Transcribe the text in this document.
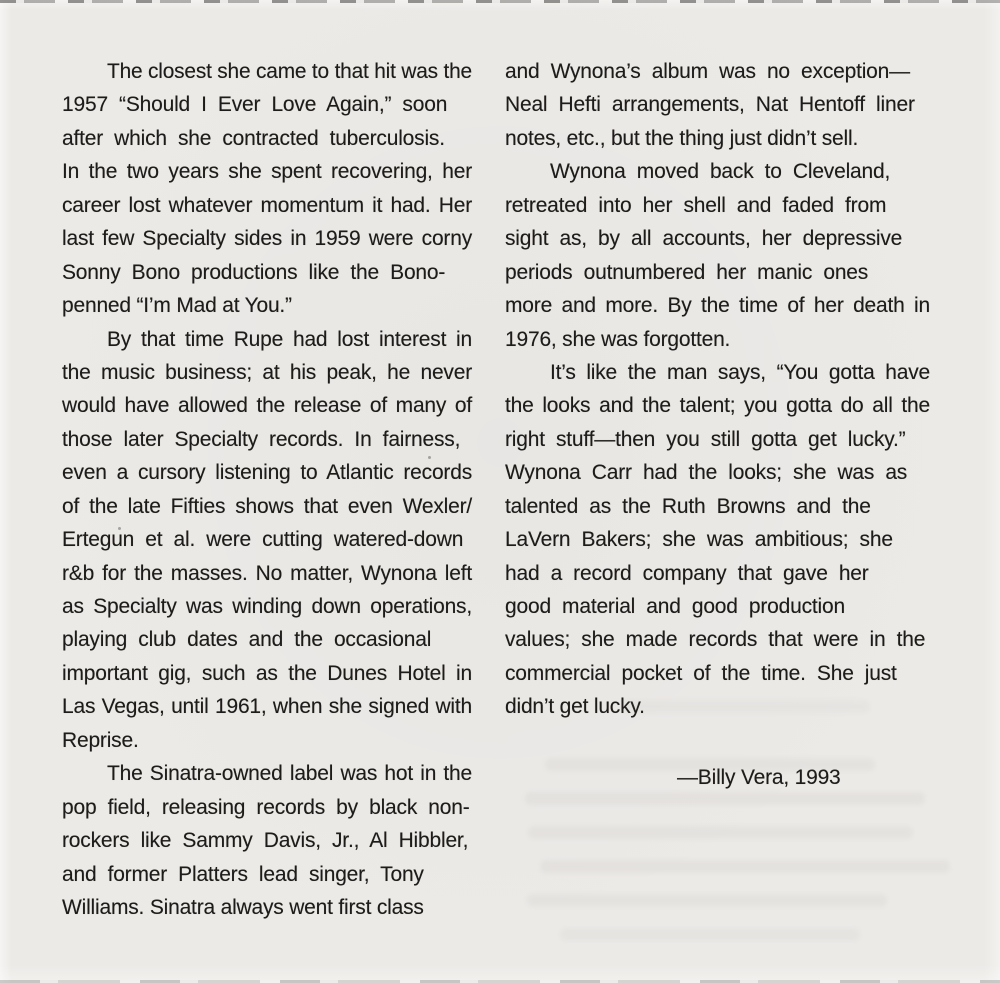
The closest she came to that hit was the
1957 “Should I Ever Love Again,” soon
after which she contracted tuberculosis.
In the two years she spent recovering, her
career lost whatever momentum it had. Her
last few Specialty sides in 1959 were corny
Sonny Bono productions like the Bono-
penned “I’m Mad at You.”
By that time Rupe had lost interest in
the music business; at his peak, he never
would have allowed the release of many of
those later Specialty records. In fairness,
even a cursory listening to Atlantic records
of the late Fifties shows that even Wexler/
Ertegun et al. were cutting watered-down
r&b for the masses. No matter, Wynona left
as Specialty was winding down operations,
playing club dates and the occasional
important gig, such as the Dunes Hotel in
Las Vegas, until 1961, when she signed with
Reprise.
The Sinatra-owned label was hot in the
pop field, releasing records by black non-
rockers like Sammy Davis, Jr., Al Hibbler,
and former Platters lead singer, Tony
Williams. Sinatra always went first class
and Wynona’s album was no exception—
Neal Hefti arrangements, Nat Hentoff liner
notes, etc., but the thing just didn’t sell.
Wynona moved back to Cleveland,
retreated into her shell and faded from
sight as, by all accounts, her depressive
periods outnumbered her manic ones
more and more. By the time of her death in
1976, she was forgotten.
It’s like the man says, “You gotta have
the looks and the talent; you gotta do all the
right stuff—then you still gotta get lucky.”
Wynona Carr had the looks; she was as
talented as the Ruth Browns and the
LaVern Bakers; she was ambitious; she
had a record company that gave her
good material and good production
values; she made records that were in the
commercial pocket of the time. She just
didn’t get lucky.
—Billy Vera, 1993
